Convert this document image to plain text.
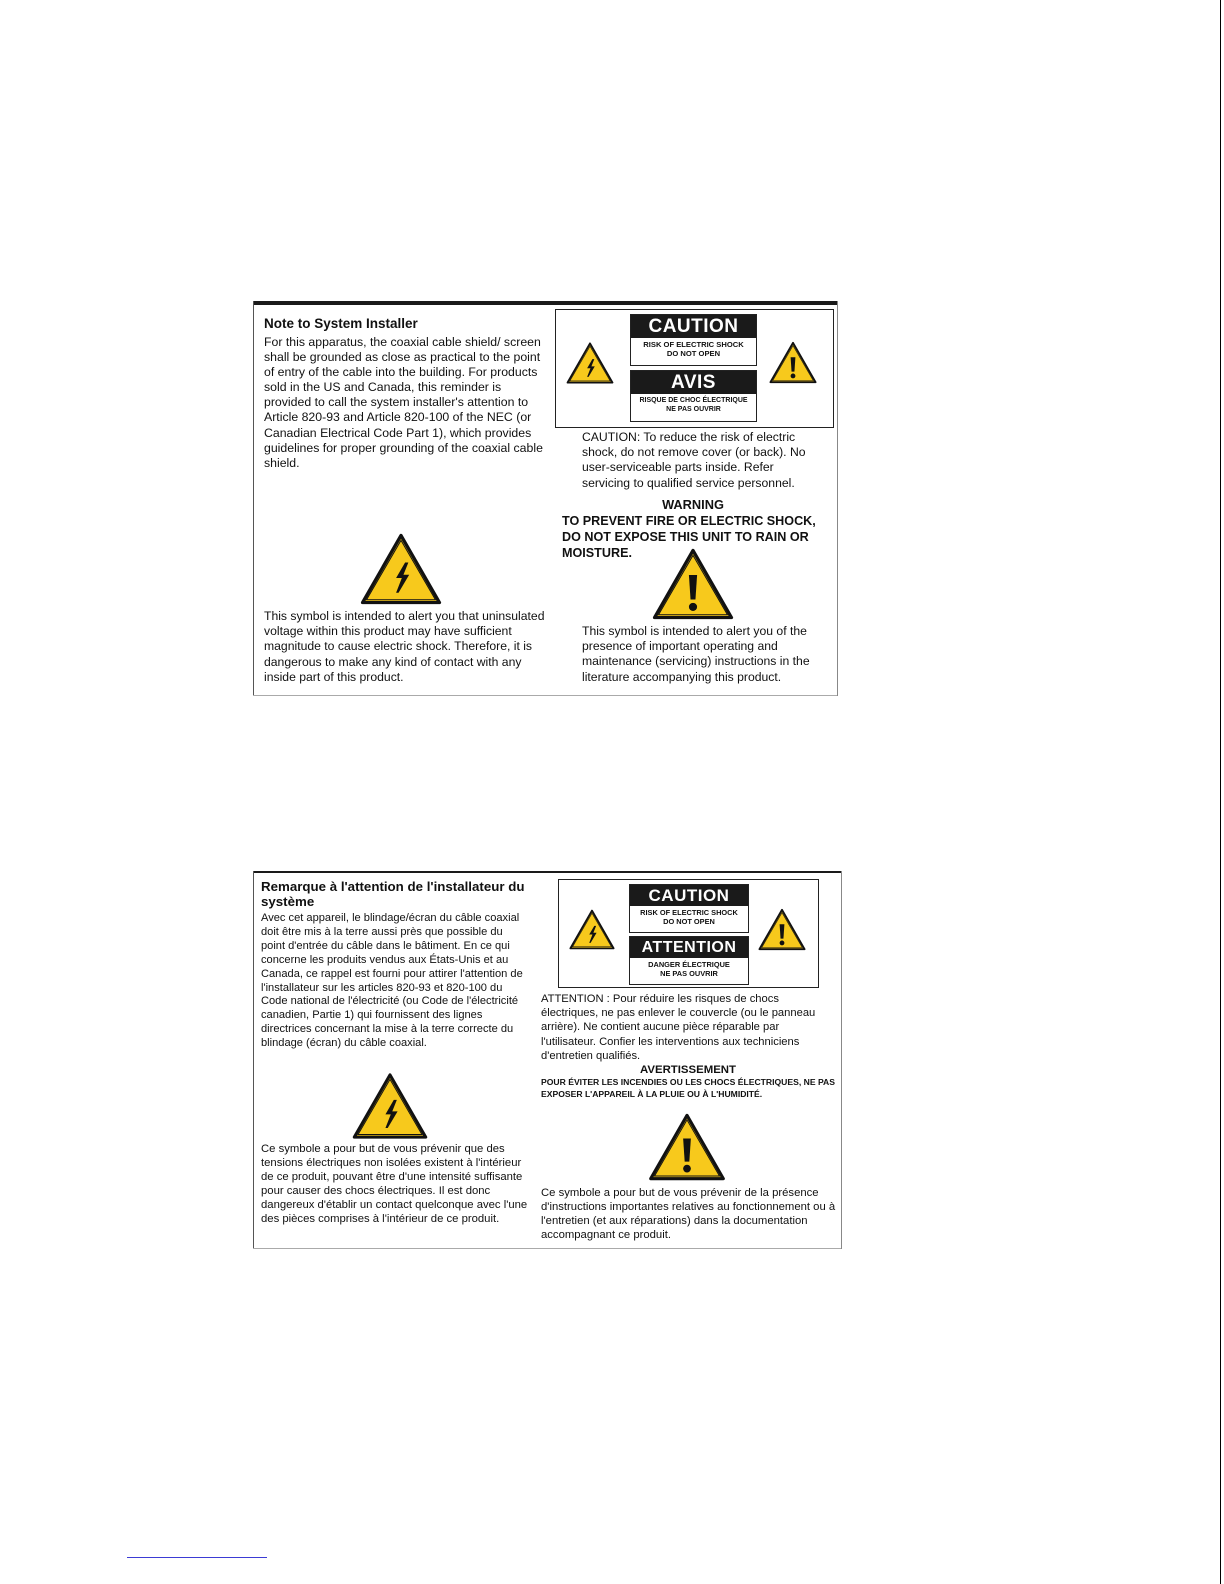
Note to System Installer

For this apparatus, the coaxial cable shield/ screen shall be grounded as close as practical to the point of entry of the cable into the building. For products sold in the US and Canada, this reminder is provided to call the system installer's attention to Article 820-93 and Article 820-100 of the NEC (or Canadian Electrical Code Part 1), which provides guidelines for proper grounding of the coaxial cable shield.

This symbol is intended to alert you that uninsulated voltage within this product may have sufficient magnitude to cause electric shock. Therefore, it is dangerous to make any kind of contact with any inside part of this product.

CAUTION
RISK OF ELECTRIC SHOCK
DO NOT OPEN
AVIS
RISQUE DE CHOC ÉLECTRIQUE
NE PAS OUVRIR

CAUTION: To reduce the risk of electric shock, do not remove cover (or back). No user-serviceable parts inside. Refer servicing to qualified service personnel.

WARNING

TO PREVENT FIRE OR ELECTRIC SHOCK, DO NOT EXPOSE THIS UNIT TO RAIN OR MOISTURE.

This symbol is intended to alert you of the presence of important operating and maintenance (servicing) instructions in the literature accompanying this product.

Remarque à l'attention de l'installateur du système

Avec cet appareil, le blindage/écran du câble coaxial doit être mis à la terre aussi près que possible du point d'entrée du câble dans le bâtiment. En ce qui concerne les produits vendus aux États-Unis et au Canada, ce rappel est fourni pour attirer l'attention de l'installateur sur les articles 820-93 et 820-100 du Code national de l'électricité (ou Code de l'électricité canadien, Partie 1) qui fournissent des lignes directrices concernant la mise à la terre correcte du blindage (écran) du câble coaxial.

Ce symbole a pour but de vous prévenir que des tensions électriques non isolées existent à l'intérieur de ce produit, pouvant être d'une intensité suffisante pour causer des chocs électriques. Il est donc dangereux d'établir un contact quelconque avec l'une des pièces comprises à l'intérieur de ce produit.

CAUTION
RISK OF ELECTRIC SHOCK
DO NOT OPEN
ATTENTION
DANGER ÉLECTRIQUE
NE PAS OUVRIR

ATTENTION : Pour réduire les risques de chocs électriques, ne pas enlever le couvercle (ou le panneau arrière). Ne contient aucune pièce réparable par l'utilisateur. Confier les interventions aux techniciens d'entretien qualifiés.

AVERTISSEMENT

POUR ÉVITER LES INCENDIES OU LES CHOCS ÉLECTRIQUES, NE PAS EXPOSER L'APPAREIL À LA PLUIE OU À L'HUMIDITÉ.

Ce symbole a pour but de vous prévenir de la présence d'instructions importantes relatives au fonctionnement ou à l'entretien (et aux réparations) dans la documentation accompagnant ce produit.
